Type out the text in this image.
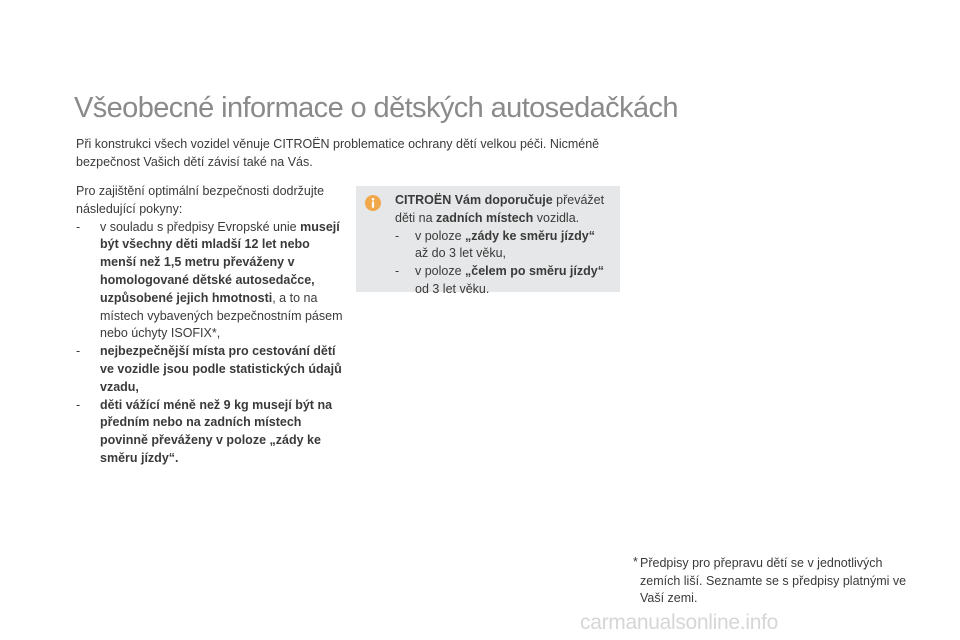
Všeobecné informace o dětských autosedačkách

Při konstrukci všech vozidel věnuje CITROËN problematice ochrany dětí velkou péči. Nicméně bezpečnost Vašich dětí závisí také na Vás.

Pro zajištění optimální bezpečnosti dodržujte následující pokyny:

- v souladu s předpisy Evropské unie musejí být všechny děti mladší 12 let nebo menší než 1,5 metru převáženy v homologované dětské autosedačce, uzpůsobené jejich hmotnosti, a to na místech vybavených bezpečnostním pásem nebo úchyty ISOFIX*,

- nejbezpečnější místa pro cestování dětí ve vozidle jsou podle statistických údajů vzadu,

- děti vážící méně než 9 kg musejí být na předním nebo na zadních místech povinně převáženy v poloze „zády ke směru jízdy“.

CITROËN Vám doporučuje převážet děti na zadních místech vozidla.

- v poloze „zády ke směru jízdy“
až do 3 let věku,

- v poloze „čelem po směru jízdy“
od 3 let věku.

* Předpisy pro přepravu dětí se v jednotlivých zemích liší. Seznamte se s předpisy platnými ve Vaší zemi.

carmanualsonline.info
